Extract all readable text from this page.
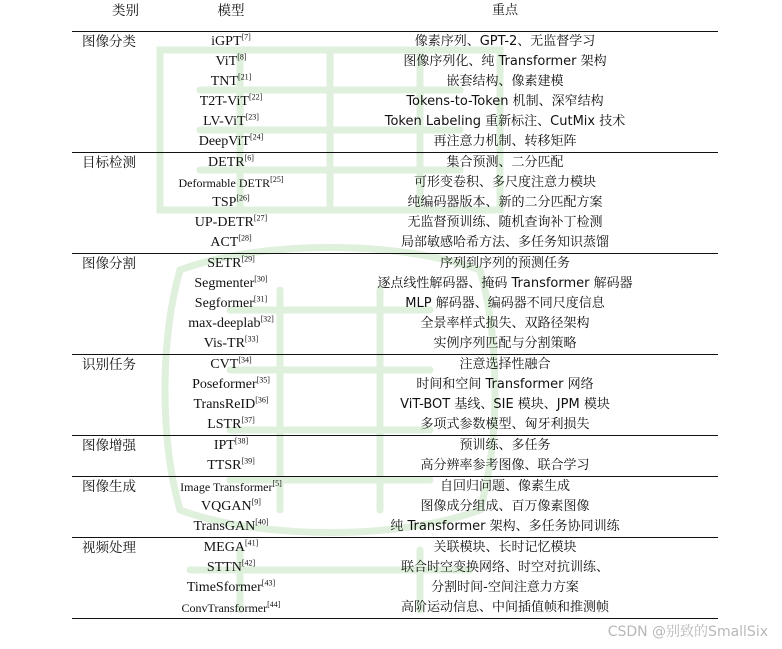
类别	模型	重点

图像分类	iGPT[7]	像素序列、GPT-2、无监督学习
	ViT[8]	图像序列化、纯 Transformer 架构
	TNT[21]	嵌套结构、像素建模
	T2T-ViT[22]	Tokens-to-Token 机制、深窄结构
	LV-ViT[23]	Token Labeling 重新标注、CutMix 技术
	DeepViT[24]	再注意力机制、转移矩阵
目标检测	DETR[6]	集合预测、二分匹配
	Deformable DETR[25]	可形变卷积、多尺度注意力模块
	TSP[26]	纯编码器版本、新的二分匹配方案
	UP-DETR[27]	无监督预训练、随机查询补丁检测
	ACT[28]	局部敏感哈希方法、多任务知识蒸馏
图像分割	SETR[29]	序列到序列的预测任务
	Segmenter[30]	逐点线性解码器、掩码 Transformer 解码器
	Segformer[31]	MLP 解码器、编码器不同尺度信息
	max-deeplab[32]	全景率样式损失、双路径架构
	Vis-TR[33]	实例序列匹配与分割策略
识别任务	CVT[34]	注意选择性融合
	Poseformer[35]	时间和空间 Transformer 网络
	TransReID[36]	ViT-BOT 基线、SIE 模块、JPM 模块
	LSTR[37]	多项式参数模型、匈牙利损失
图像增强	IPT[38]	预训练、多任务
	TTSR[39]	高分辨率参考图像、联合学习
图像生成	Image Transformer[5]	自回归问题、像素生成
	VQGAN[9]	图像成分组成、百万像素图像
	TransGAN[40]	纯 Transformer 架构、多任务协同训练
视频处理	MEGA[41]	关联模块、长时记忆模块
	STTN[42]	联合时空变换网络、时空对抗训练、
	TimeSformer[43]	分割时间-空间注意力方案
	ConvTransformer[44]	高阶运动信息、中间插值帧和推测帧

CSDN @别致的SmallSix
